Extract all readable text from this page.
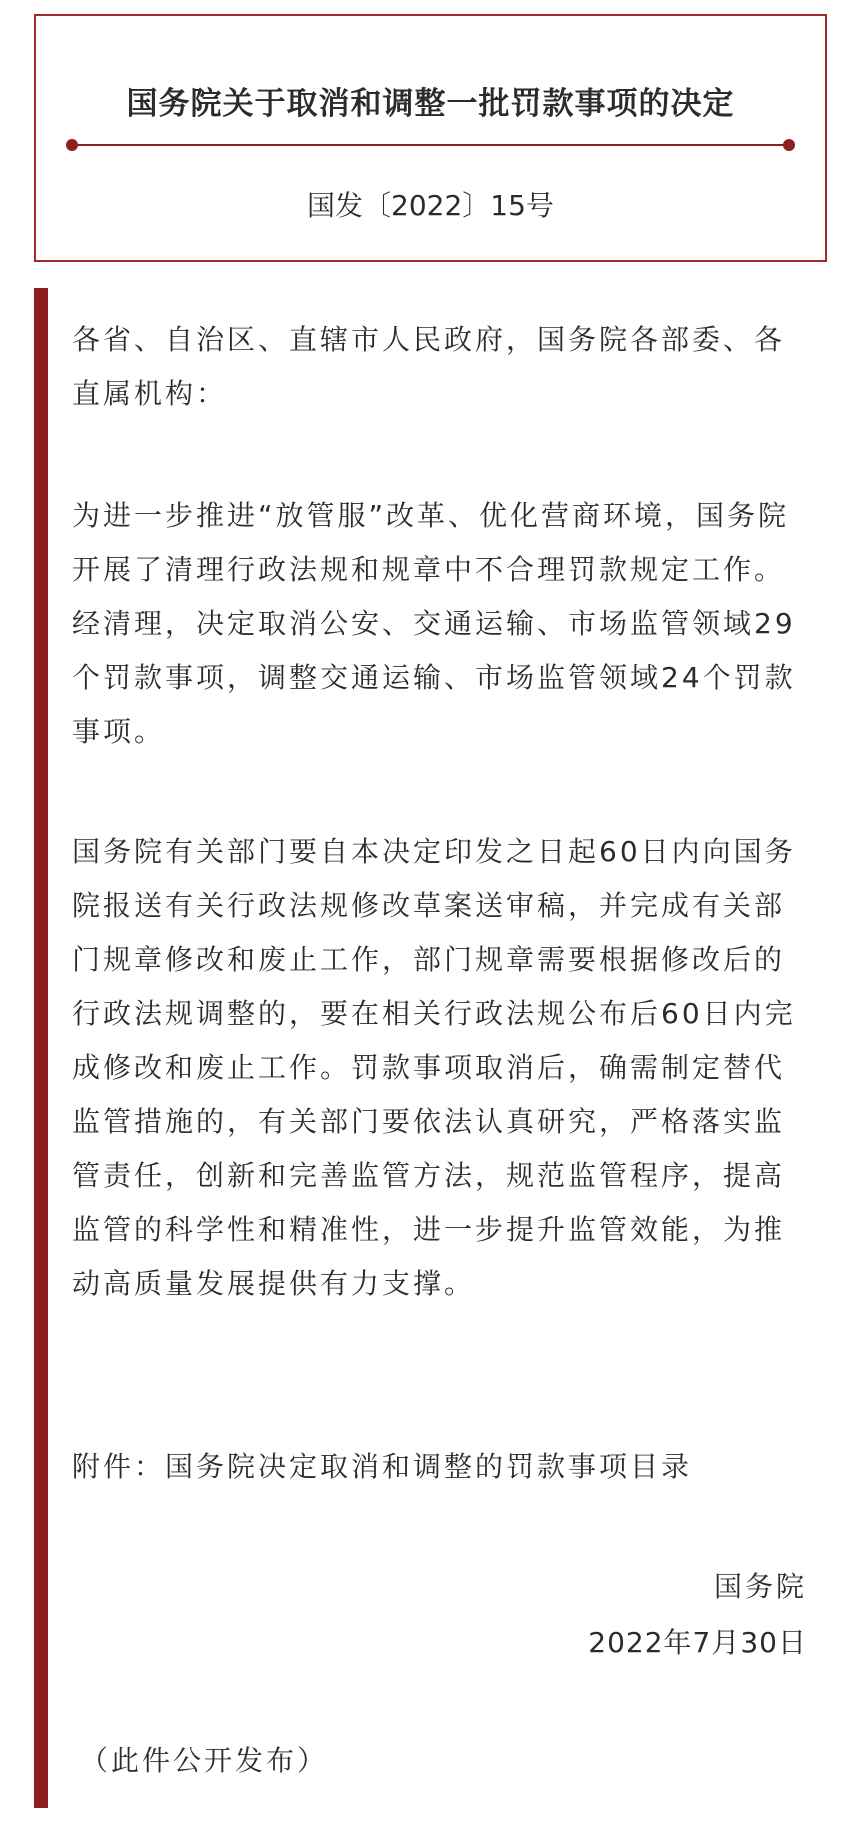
国务院关于取消和调整一批罚款事项的决定
国发〔2022〕15号

各省、自治区、直辖市人民政府，国务院各部委、各直属机构：

为进一步推进“放管服”改革、优化营商环境，国务院开展了清理行政法规和规章中不合理罚款规定工作。经清理，决定取消公安、交通运输、市场监管领域29个罚款事项，调整交通运输、市场监管领域24个罚款事项。

国务院有关部门要自本决定印发之日起60日内向国务院报送有关行政法规修改草案送审稿，并完成有关部门规章修改和废止工作，部门规章需要根据修改后的行政法规调整的，要在相关行政法规公布后60日内完成修改和废止工作。罚款事项取消后，确需制定替代监管措施的，有关部门要依法认真研究，严格落实监管责任，创新和完善监管方法，规范监管程序，提高监管的科学性和精准性，进一步提升监管效能，为推动高质量发展提供有力支撑。

附件：国务院决定取消和调整的罚款事项目录

国务院
2022年7月30日
（此件公开发布）
